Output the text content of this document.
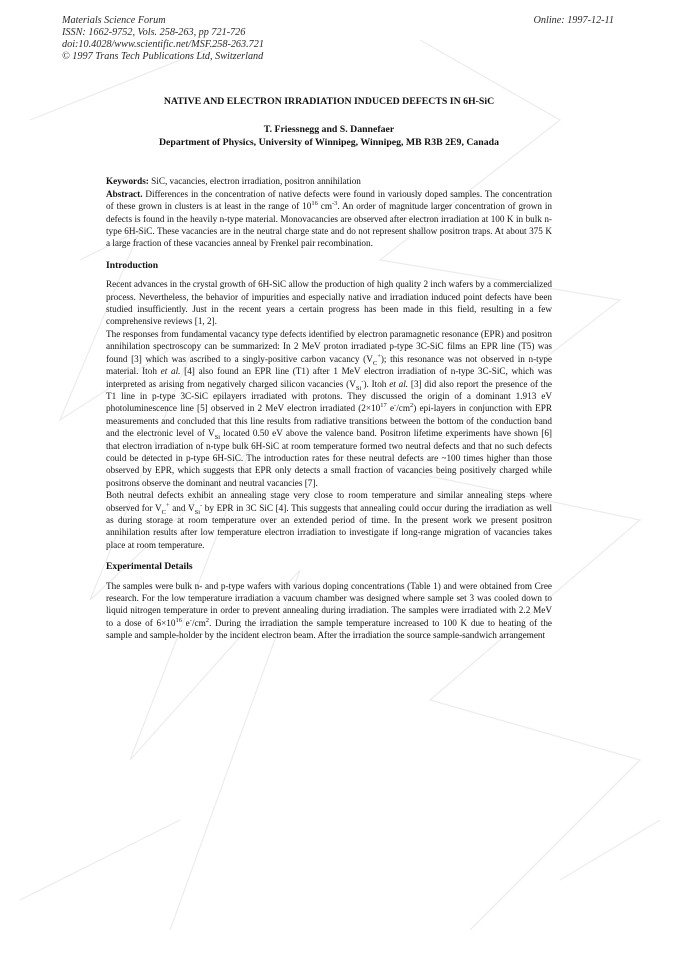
Materials Science Forum
ISSN: 1662-9752, Vols. 258-263, pp 721-726
doi:10.4028/www.scientific.net/MSF.258-263.721
© 1997 Trans Tech Publications Ltd, Switzerland
Online: 1997-12-11
NATIVE AND ELECTRON IRRADIATION INDUCED DEFECTS IN 6H-SiC
T. Friessnegg and S. Dannefaer
Department of Physics, University of Winnipeg, Winnipeg, MB R3B 2E9, Canada

Keywords: SiC, vacancies, electron irradiation, positron annihilation

Abstract. Differences in the concentration of native defects were found in variously doped samples. The concentration of these grown in clusters is at least in the range of $10^{16}$ $cm^{-3}$. An order of magnitude larger concentration of grown in defects is found in the heavily n-type material. Monovacancies are observed after electron irradiation at 100 K in bulk n-type 6H-SiC. These vacancies are in the neutral charge state and do not represent shallow positron traps. At about 375 K a large fraction of these vacancies anneal by Frenkel pair recombination.

Introduction

Recent advances in the crystal growth of 6H-SiC allow the production of high quality 2 inch wafers by a commercialized process. Nevertheless, the behavior of impurities and especially native and irradiation induced point defects have been studied insufficiently. Just in the recent years a certain progress has been made in this field, resulting in a few comprehensive reviews [1, 2].

The responses from fundamental vacancy type defects identified by electron paramagnetic resonance (EPR) and positron annihilation spectroscopy can be summarized: In 2 MeV proton irradiated p-type 3C-SiC films an EPR line (T5) was found [3] which was ascribed to a singly-positive carbon vacancy $(V_C^+)$; this resonance was not observed in n-type material. Itoh et al. [4] also found an EPR line (T1) after 1 MeV electron irradiation of n-type 3C-SiC, which was interpreted as arising from negatively charged silicon vacancies $(V_{Si}^-)$. Itoh et al. [3] did also report the presence of the T1 line in p-type 3C-SiC epilayers irradiated with protons. They discussed the origin of a dominant 1.913 eV photoluminescence line [5] observed in 2 MeV electron irradiated ($2\times 10^{17}$ $e^-/cm^2$) epi-layers in conjunction with EPR measurements and concluded that this line results from radiative transitions between the bottom of the conduction band and the electronic level of $V_{Si}$ located 0.50 eV above the valence band. Positron lifetime experiments have shown [6] that electron irradiation of n-type bulk 6H-SiC at room temperature formed two neutral defects and that no such defects could be detected in p-type 6H-SiC. The introduction rates for these neutral defects are ~100 times higher than those observed by EPR, which suggests that EPR only detects a small fraction of vacancies being positively charged while positrons observe the dominant and neutral vacancies [7].

Both neutral defects exhibit an annealing stage very close to room temperature and similar annealing steps where observed for $V_C^+$ and $V_{Si}^-$ by EPR in 3C SiC [4]. This suggests that annealing could occur during the irradiation as well as during storage at room temperature over an extended period of time. In the present work we present positron annihilation results after low temperature electron irradiation to investigate if long-range migration of vacancies takes place at room temperature.

Experimental Details

The samples were bulk n- and p-type wafers with various doping concentrations (Table 1) and were obtained from Cree research. For the low temperature irradiation a vacuum chamber was designed where sample set 3 was cooled down to liquid nitrogen temperature in order to prevent annealing during irradiation. The samples were irradiated with 2.2 MeV to a dose of $6\times 10^{16}$ $e^-/cm^2$. During the irradiation the sample temperature increased to 100 K due to heating of the sample and sample-holder by the incident electron beam. After the irradiation the source sample-sandwich arrangement
